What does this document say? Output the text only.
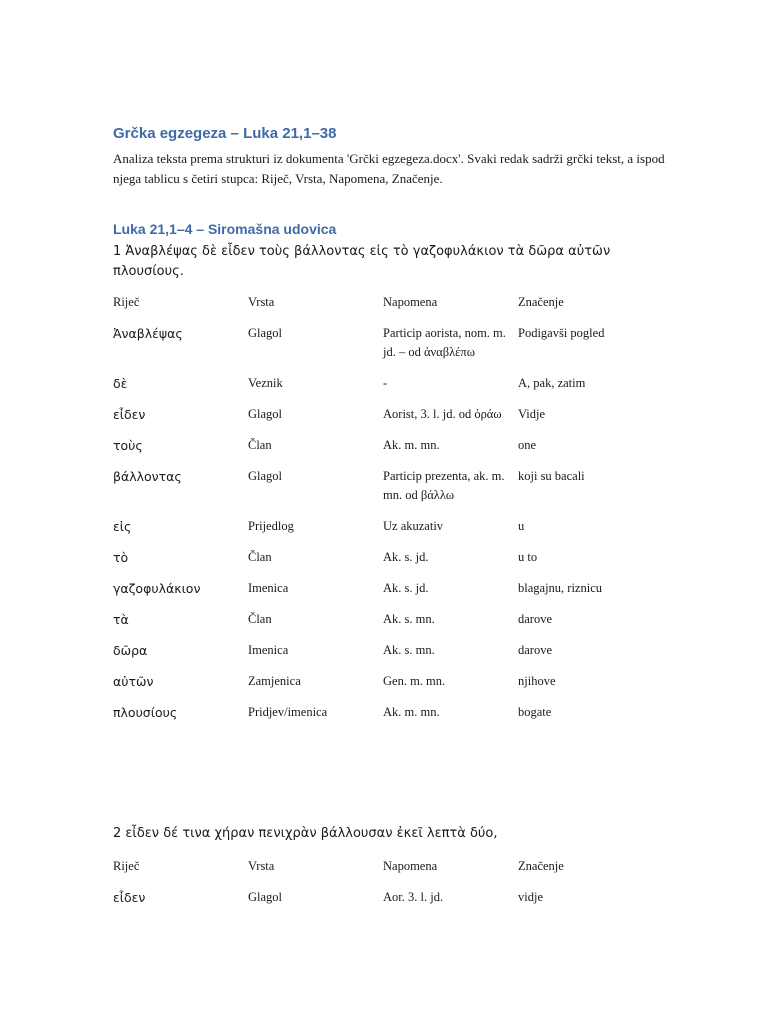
Grčka egzegeza – Luka 21,1–38

Analiza teksta prema strukturi iz dokumenta 'Grčki egzegeza.docx'. Svaki redak sadrži grčki tekst, a ispod njega tablicu s četiri stupca: Riječ, Vrsta, Napomena, Značenje.

Luka 21,1–4 – Siromašna udovica

1 Ἀναβλέψας δὲ εἶδεν τοὺς βάλλοντας εἰς τὸ γαζοφυλάκιον τὰ δῶρα αὐτῶν πλουσίους.

Riječ	Vrsta	Napomena	Značenje
Ἀναβλέψας	Glagol	Particip aorista, nom. m. jd. – od ἀναβλέπω	Podigavši pogled
δὲ	Veznik	-	A, pak, zatim
εἶδεν	Glagol	Aorist, 3. l. jd. od ὁράω	Vidje
τοὺς	Član	Ak. m. mn.	one
βάλλοντας	Glagol	Particip prezenta, ak. m. mn. od βάλλω	koji su bacali
εἰς	Prijedlog	Uz akuzativ	u
τὸ	Član	Ak. s. jd.	u to
γαζοφυλάκιον	Imenica	Ak. s. jd.	blagajnu, riznicu
τὰ	Član	Ak. s. mn.	darove
δῶρα	Imenica	Ak. s. mn.	darove
αὐτῶν	Zamjenica	Gen. m. mn.	njihove
πλουσίους	Pridjev/imenica	Ak. m. mn.	bogate

2 εἶδεν δέ τινα χήραν πενιχρὰν βάλλουσαν ἐκεῖ λεπτὰ δύο,

Riječ	Vrsta	Napomena	Značenje
εἶδεν	Glagol	Aor. 3. l. jd.	vidje
